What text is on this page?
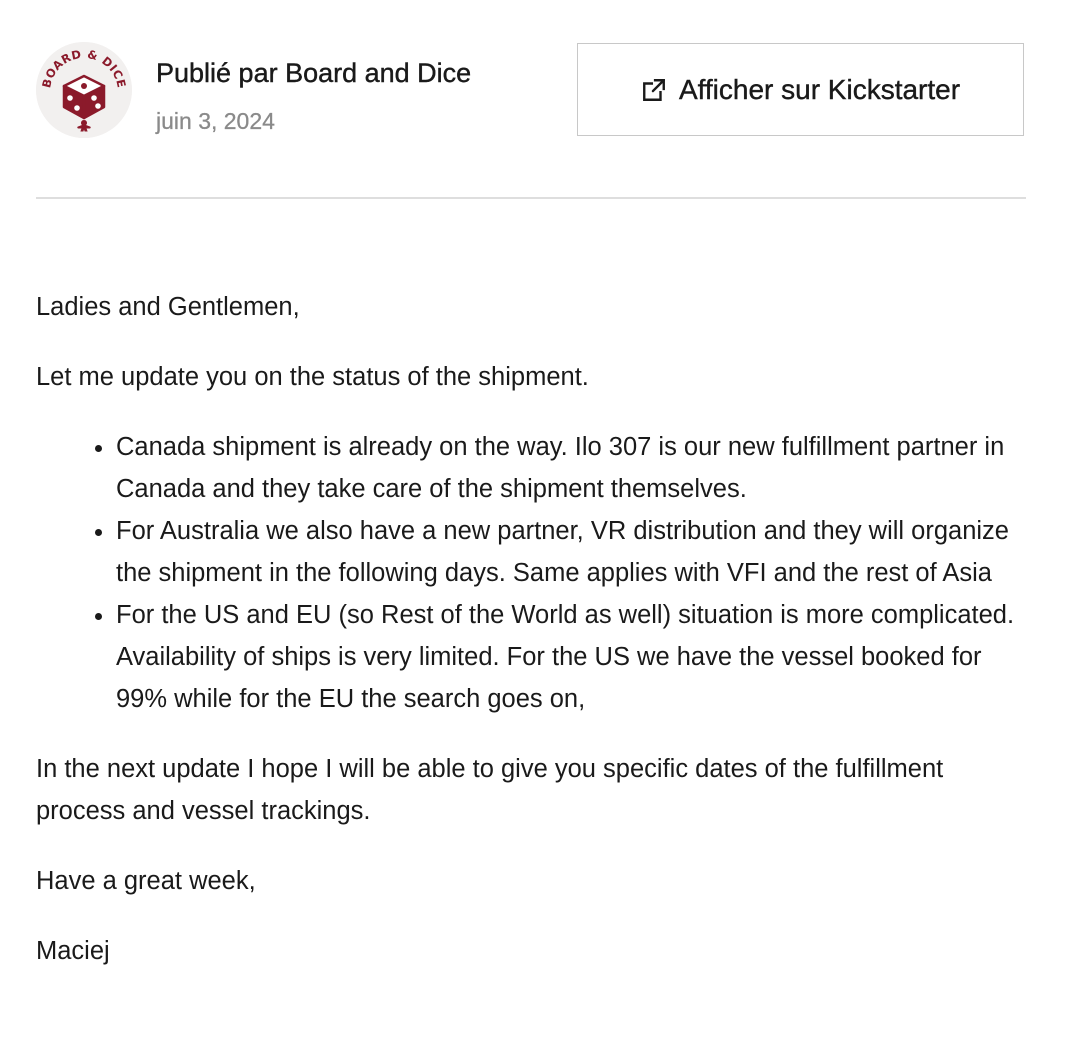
BOARD & DICE Publié par Board and Dice
juin 3, 2024
Afficher sur Kickstarter

Ladies and Gentlemen,

Let me update you on the status of the shipment.

• Canada shipment is already on the way. Ilo 307 is our new fulfillment partner in Canada and they take care of the shipment themselves.
• For Australia we also have a new partner, VR distribution and they will organize the shipment in the following days. Same applies with VFI and the rest of Asia
• For the US and EU (so Rest of the World as well) situation is more complicated. Availability of ships is very limited. For the US we have the vessel booked for 99% while for the EU the search goes on,

In the next update I hope I will be able to give you specific dates of the fulfillment process and vessel trackings.

Have a great week,

Maciej
